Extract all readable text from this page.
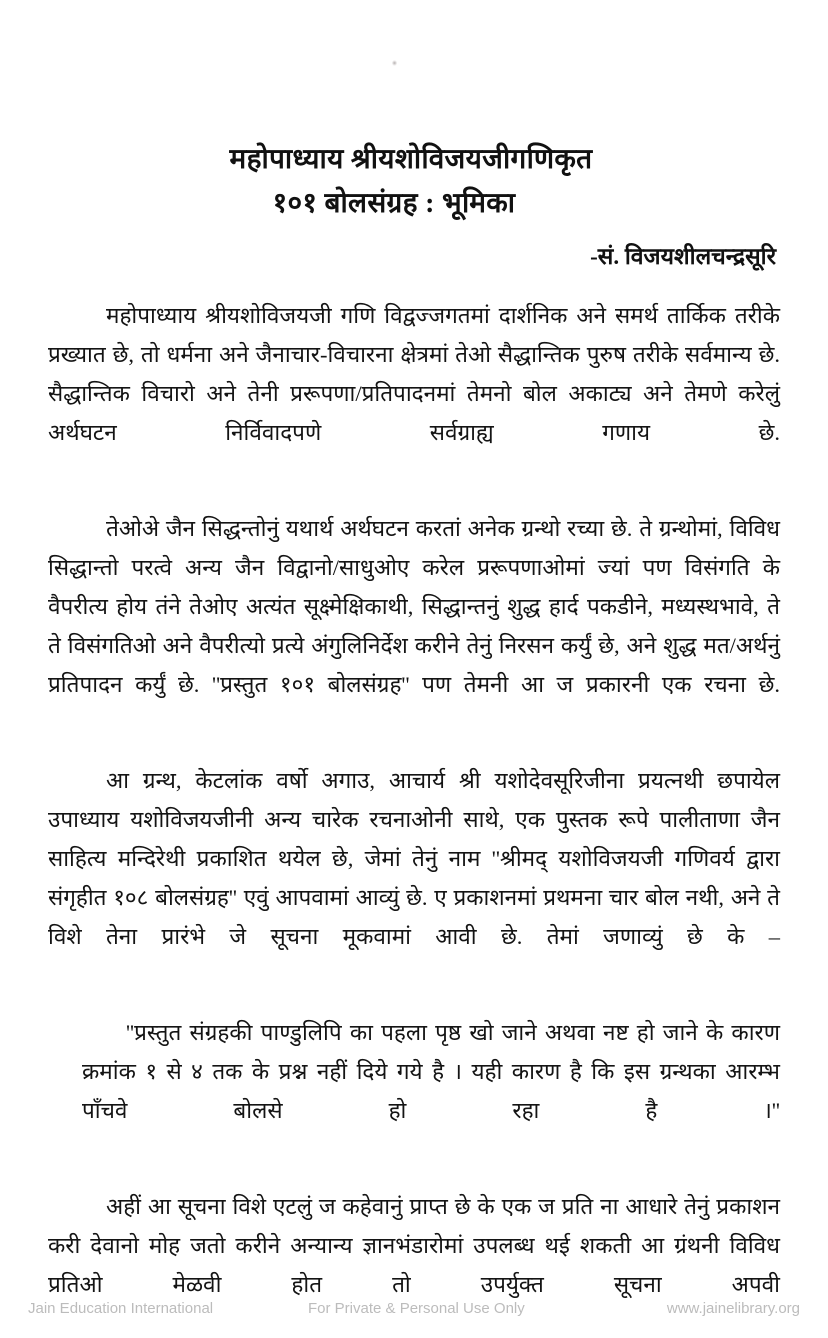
महोपाध्याय श्रीयशोविजयजीगणिकृत
१०१ बोलसंग्रह : भूमिका
-सं. विजयशीलचन्द्रसूरि

महोपाध्याय श्रीयशोविजयजी गणि विद्वज्जगतमां दार्शनिक अने समर्थ तार्किक तरीके प्रख्यात छे, तो धर्मना अने जैनाचार-विचारना क्षेत्रमां तेओ सैद्धान्तिक पुरुष तरीके सर्वमान्य छे. सैद्धान्तिक विचारो अने तेनी प्ररूपणा/प्रतिपादनमां तेमनो बोल अकाट्य अने तेमणे करेलुं अर्थघटन निर्विवादपणे सर्वग्राह्य गणाय छे.

तेओअे जैन सिद्धन्तोनुं यथार्थ अर्थघटन करतां अनेक ग्रन्थो रच्या छे. ते ग्रन्थोमां, विविध सिद्धान्तो परत्वे अन्य जैन विद्वानो/साधुओए करेल प्ररूपणाओमां ज्यां पण विसंगति के वैपरीत्य होय तंने तेओए अत्यंत सूक्ष्मेक्षिकाथी, सिद्धान्तनुं शुद्ध हार्द पकडीने, मध्यस्थभावे, ते ते विसंगतिओ अने वैपरीत्यो प्रत्ये अंगुलिनिर्देश करीने तेनुं निरसन कर्युं छे, अने शुद्ध मत/अर्थनुं प्रतिपादन कर्युं छे. ''प्रस्तुत १०१ बोलसंग्रह'' पण तेमनी आ ज प्रकारनी एक रचना छे.

आ ग्रन्थ, केटलांक वर्षो अगाउ, आचार्य श्री यशोदेवसूरिजीना प्रयत्नथी छपायेल उपाध्याय यशोविजयजीनी अन्य चारेक रचनाओनी साथे, एक पुस्तक रूपे पालीताणा जैन साहित्य मन्दिरेथी प्रकाशित थयेल छे, जेमां तेनुं नाम ''श्रीमद् यशोविजयजी गणिवर्य द्वारा संगृहीत १०८ बोलसंग्रह'' एवुं आपवामां आव्युं छे. ए प्रकाशनमां प्रथमना चार बोल नथी, अने ते विशे तेना प्रारंभे जे सूचना मूकवामां आवी छे. तेमां जणाव्युं छे के –

''प्रस्तुत संग्रहकी पाण्डुलिपि का पहला पृष्ठ खो जाने अथवा नष्ट हो जाने के कारण क्रमांक १ से ४ तक के प्रश्न नहीं दिये गये है । यही कारण है कि इस ग्रन्थका आरम्भ पाँचवे बोलसे हो रहा है ।''

अहीं आ सूचना विशे एटलुं ज कहेवानुं प्राप्त छे के एक ज प्रति ना आधारे तेनुं प्रकाशन करी देवानो मोह जतो करीने अन्यान्य ज्ञानभंडारोमां उपलब्ध थई शकती आ ग्रंथनी विविध प्रतिओ मेळवी होत तो उपर्युक्त सूचना अपवी

Jain Education International	For Private & Personal Use Only	www.jainelibrary.org
